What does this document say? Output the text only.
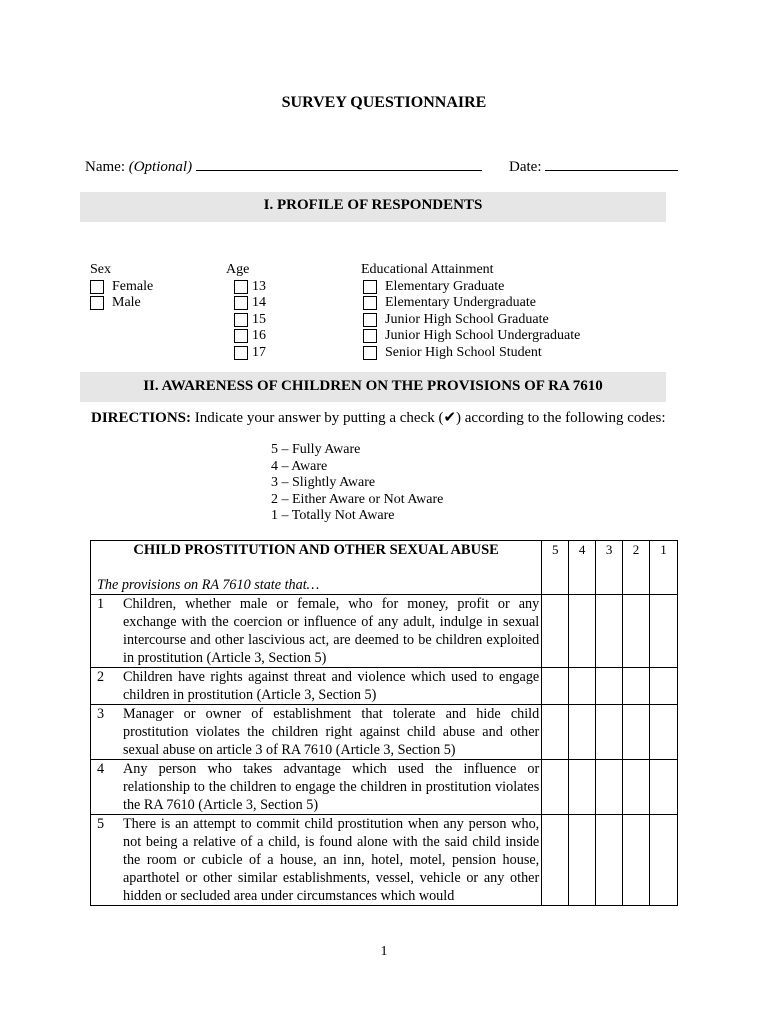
SURVEY QUESTIONNAIRE
Name: (Optional)	Date:
I. PROFILE OF RESPONDENTS
Sex
Female
Male
Age
13
14
15
16
17
Educational Attainment
Elementary Graduate
Elementary Undergraduate
Junior High School Graduate
Junior High School Undergraduate
Senior High School Student
II. AWARENESS OF CHILDREN ON THE PROVISIONS OF RA 7610
DIRECTIONS: Indicate your answer by putting a check (✔) according to the following codes:
5 – Fully Aware
4 – Aware
3 – Slightly Aware
2 – Either Aware or Not Aware
1 – Totally Not Aware
CHILD PROSTITUTION AND OTHER SEXUAL ABUSE
The provisions on RA 7610 state that…	5	4	3	2	1

1 Children, whether male or female, who for money, profit or any exchange with the coercion or influence of any adult, indulge in sexual intercourse and other lascivious act, are deemed to be children exploited in prostitution (Article 3, Section 5)					

2 Children have rights against threat and violence which used to engage children in prostitution (Article 3, Section 5)					

3 Manager or owner of establishment that tolerate and hide child prostitution violates the children right against child abuse and other sexual abuse on article 3 of RA 7610 (Article 3, Section 5)					

4 Any person who takes advantage which used the influence or relationship to the children to engage the children in prostitution violates the RA 7610 (Article 3, Section 5)					

5 There is an attempt to commit child prostitution when any person who, not being a relative of a child, is found alone with the said child inside the room or cubicle of a house, an inn, hotel, motel, pension house, aparthotel or other similar establishments, vessel, vehicle or any other hidden or secluded area under circumstances which would					

1
